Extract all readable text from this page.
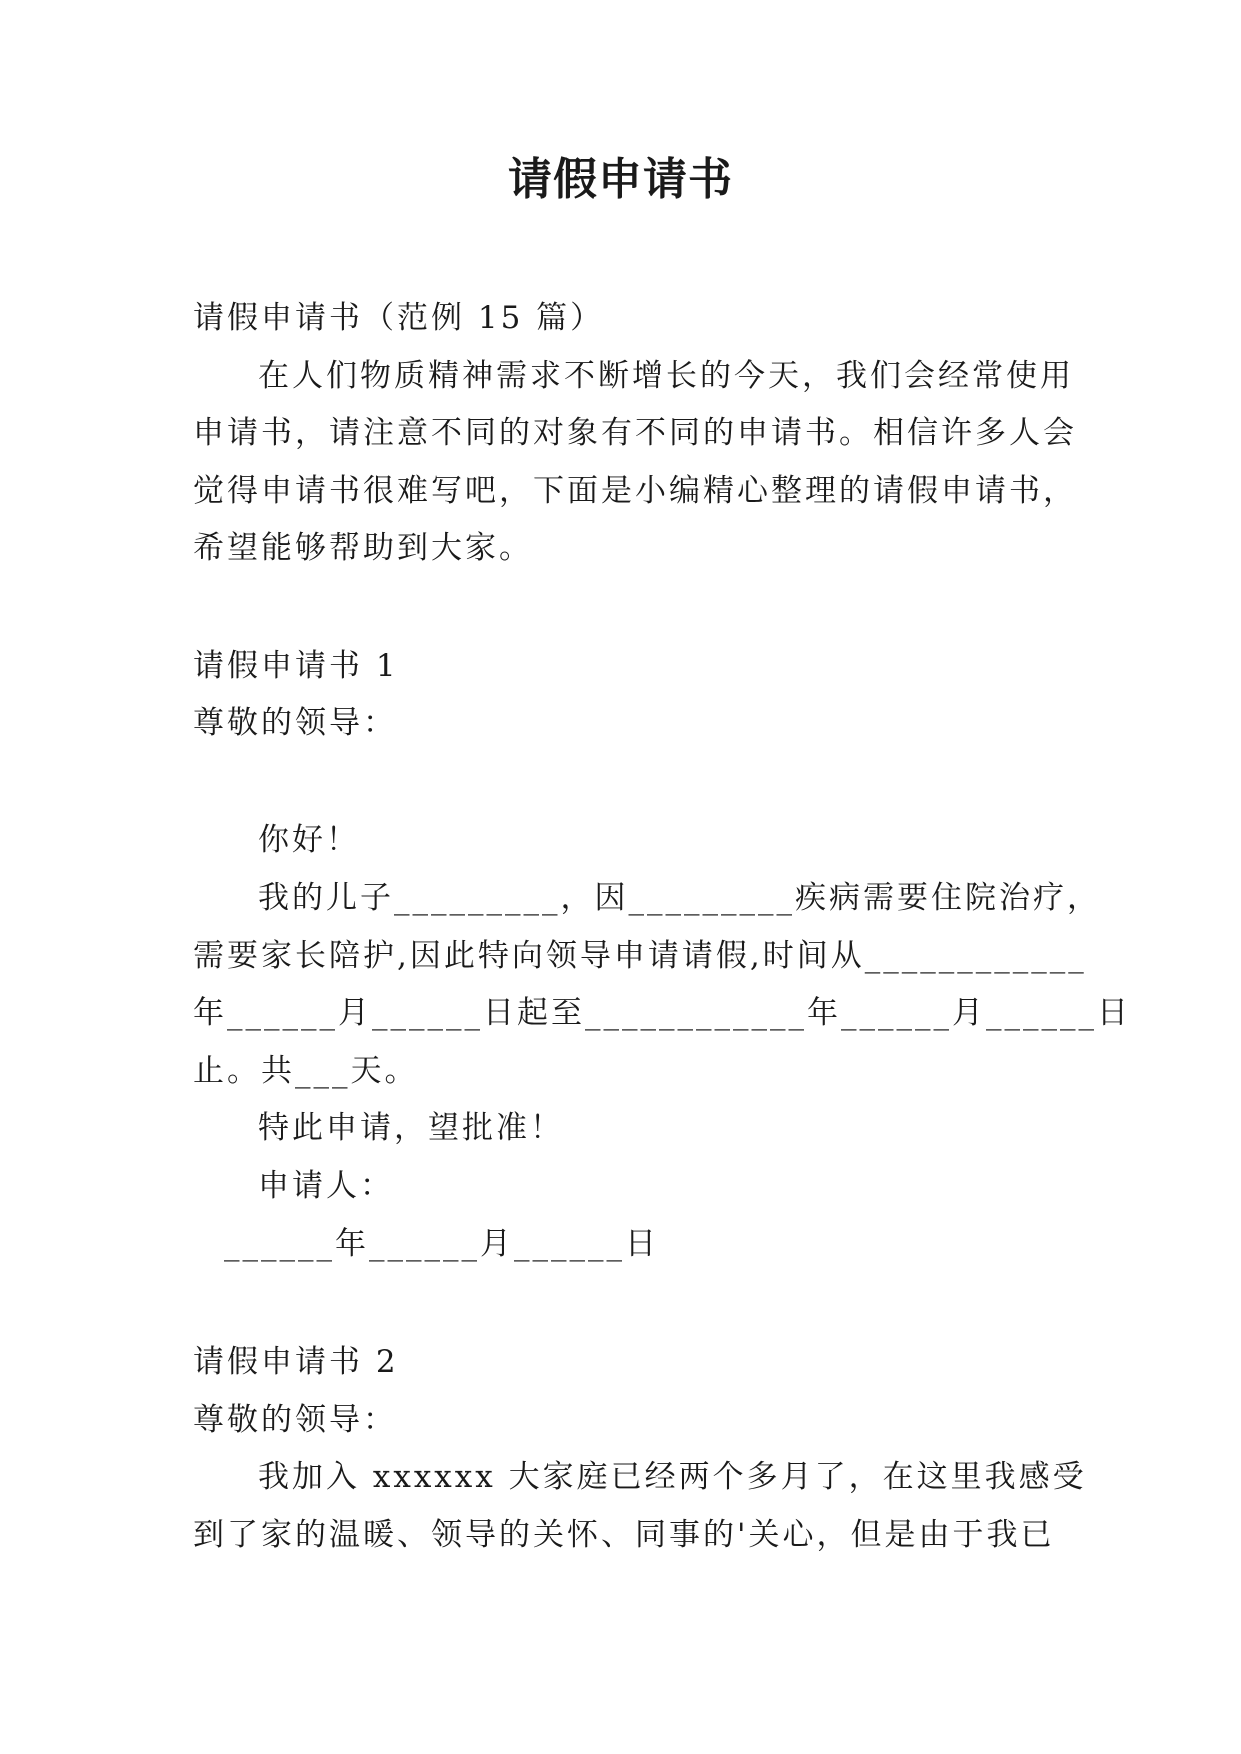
请假申请书

请假申请书（范例 15 篇）

在人们物质精神需求不断增长的今天，我们会经常使用

申请书，请注意不同的对象有不同的申请书。相信许多人会

觉得申请书很难写吧，下面是小编精心整理的请假申请书，

希望能够帮助到大家。

请假申请书 1

尊敬的领导：

你好！

我的儿子_________，因_________疾病需要住院治疗，

需要家长陪护,因此特向领导申请请假,时间从____________

年______月______日起至____________年______月______日

止。共___天。

特此申请，望批准！

申请人：

______年______月______日

请假申请书 2

尊敬的领导：

我加入 xxxxxx 大家庭已经两个多月了，在这里我感受

到了家的温暖、领导的关怀、同事的'关心，但是由于我已
